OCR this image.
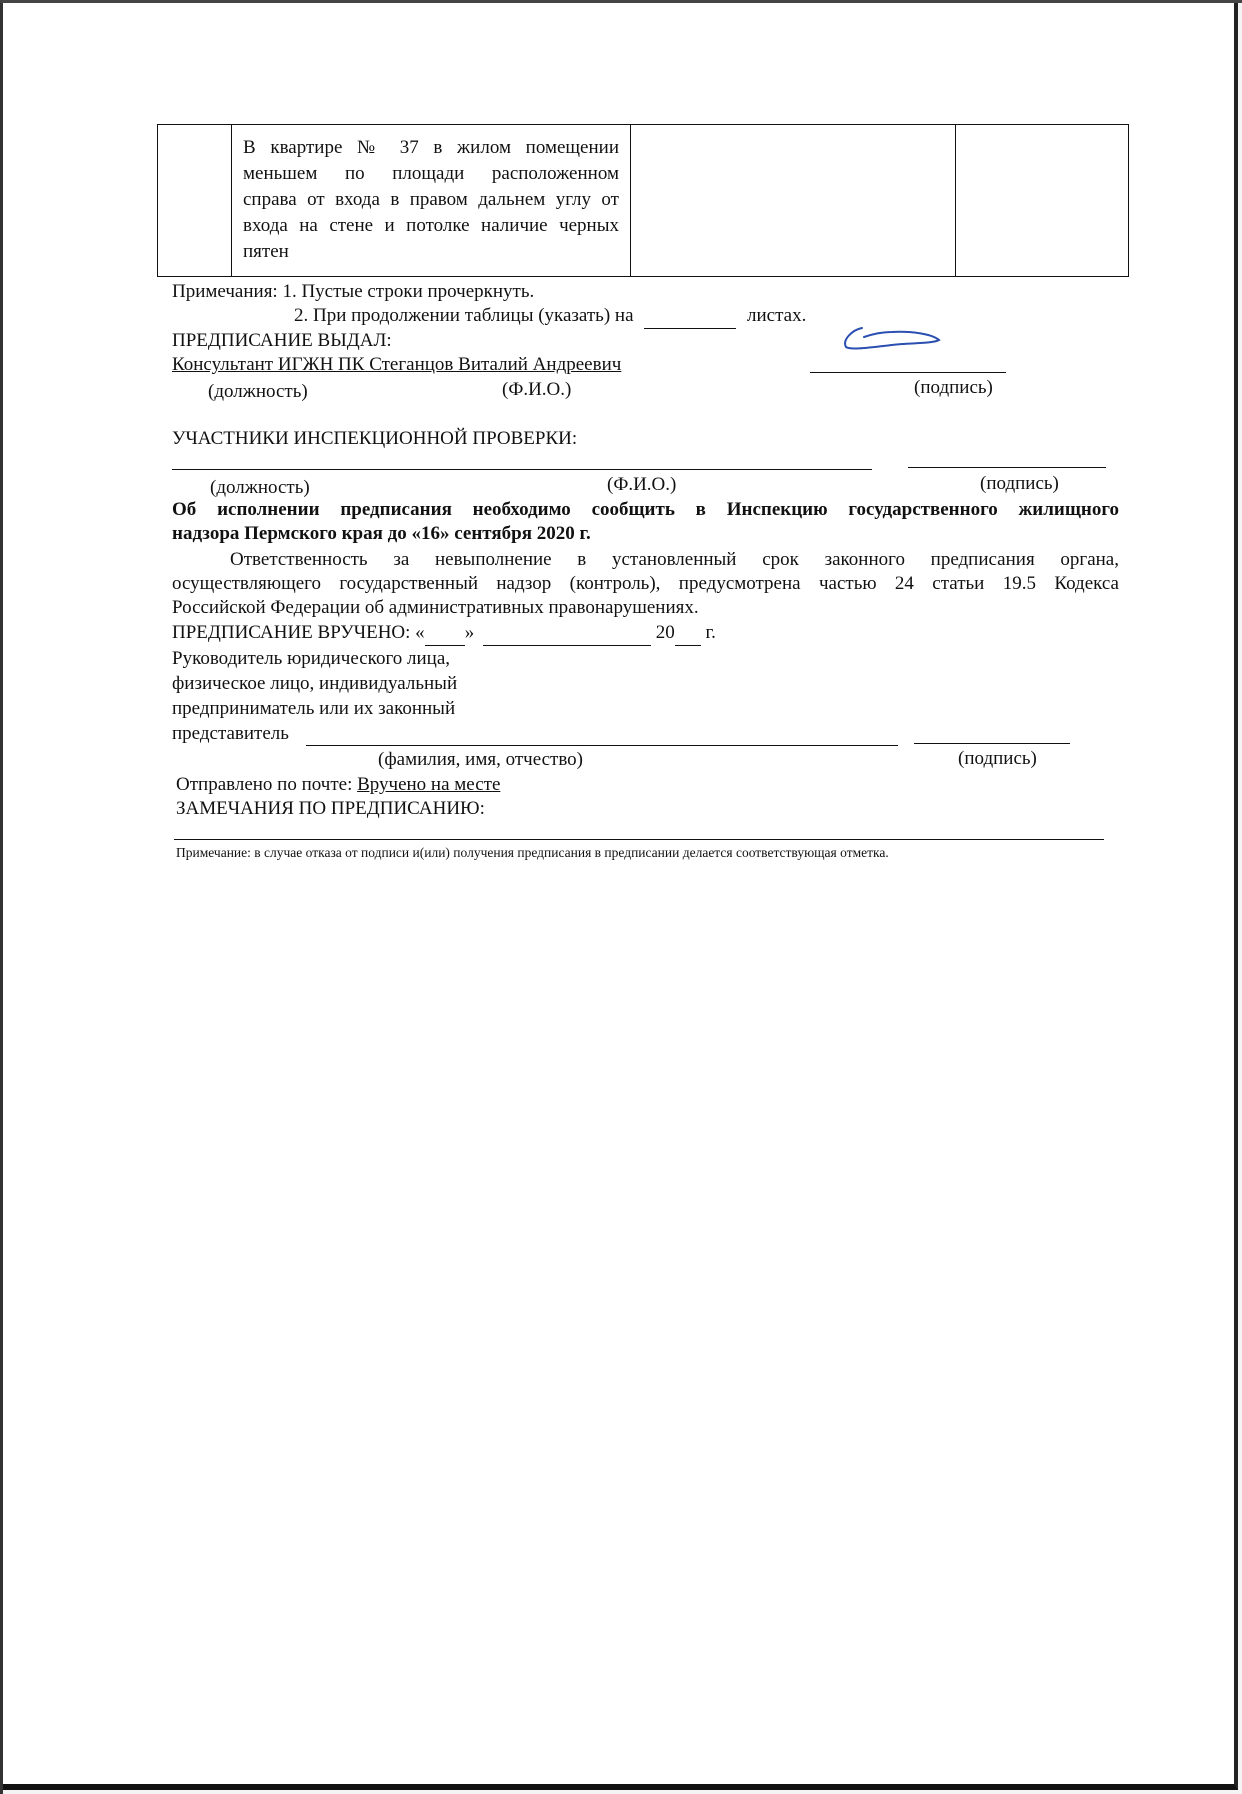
В квартире № 37 в жилом помещении
меньшем по площади расположенном
справа от входа в правом дальнем углу от
входа на стене и потолке наличие черных
пятен
Примечания: 1. Пустые строки прочеркнуть.
2. При продолжении таблицы (указать) на	листах.
ПРЕДПИСАНИЕ ВЫДАЛ:
Консультант ИГЖН ПК Стеганцов Виталий Андреевич
(должность)	(Ф.И.О.)	(подпись)
УЧАСТНИКИ ИНСПЕКЦИОННОЙ ПРОВЕРКИ:
(должность)	(Ф.И.О.)	(подпись)
Об исполнении предписания необходимо сообщить в Инспекцию государственного жилищного
надзора Пермского края до «16» сентября 2020 г.
Ответственность за невыполнение в установленный срок законного предписания органа,
осуществляющего государственный надзор (контроль), предусмотрена частью 24 статьи 19.5 Кодекса
Российской Федерации об административных правонарушениях.
ПРЕДПИСАНИЕ ВРУЧЕНО: « »	20 г.
Руководитель юридического лица,
физическое лицо, индивидуальный
предприниматель или их законный
представитель
(фамилия, имя, отчество)	(подпись)
Отправлено по почте: Вручено на месте
ЗАМЕЧАНИЯ ПО ПРЕДПИСАНИЮ:
Примечание: в случае отказа от подписи и(или) получения предписания в предписании делается соответствующая отметка.
